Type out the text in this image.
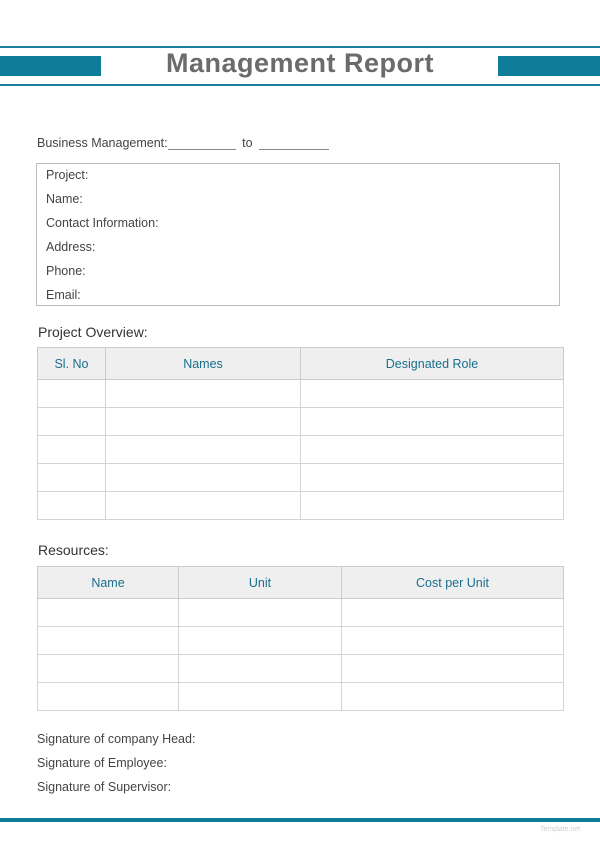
Management Report
Business Management:	to
Project:
Name:
Contact Information:
Address:
Phone:
Email:
Project Overview:
Sl. No	Names	Designated Role

Resources:
Name	Unit	Cost per Unit

Signature of company Head:
Signature of Employee:
Signature of Supervisor:
Template.net
